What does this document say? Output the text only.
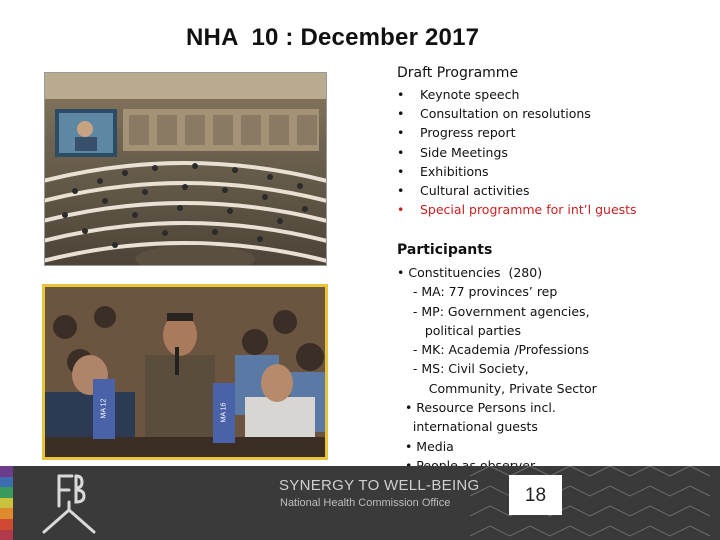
NHA  10 : December 2017
MA 12	MA 16
Draft Programme
• Keynote speech
• Consultation on resolutions
• Progress report
• Side Meetings
• Exhibitions
• Cultural activities
• Special programme for int’l guests
Participants
• Constituencies  (280)
- MA: 77 provinces’ rep
- MP: Government agencies,
political parties
- MK: Academia /Professions
- MS: Civil Society,
Community, Private Sector
• Resource Persons incl.
international guests
• Media
SYNERGY TO WELL-BEING
National Health Commission Office	18
